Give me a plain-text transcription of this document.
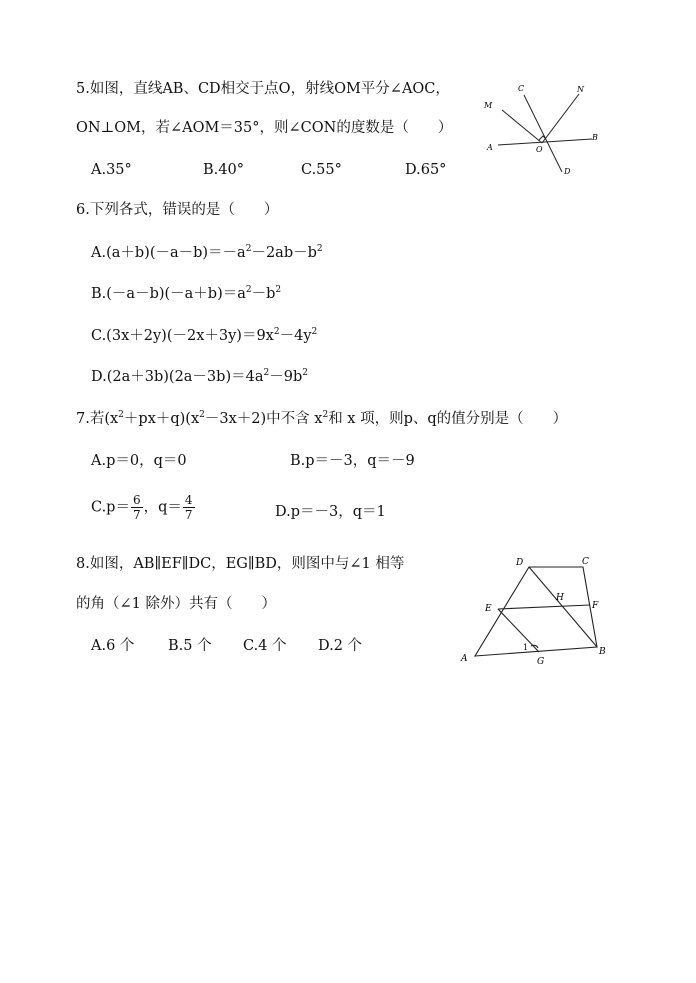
5.如图，直线AB、CD相交于点O，射线OM平分∠AOC，
ON⊥OM，若∠AOM＝35°，则∠CON的度数是（　　）
A.35°	B.40°	C.55°	D.65°
M
C	N
A	O
B
D
6.下列各式，错误的是（　　）
$A.(a+b)(-a-b)=-a^2-2ab-b^2$
$B.(-a-b)(-a+b)=a^2-b^2$
$C.(3x+2y)(-2x+3y)=9x^2-4y^2$
$D.(2a+3b)(2a-3b)=4a^2-9b^2$
7.若$(x^2+px+q)(x^2-3x+2)$中不含 $x^2$和 x 项，则p、q的值分别是（　　）
A.p＝0，q＝0	B.p＝－3，q＝－9
$C.p= \frac{6}{7}$ ，$q= \frac{4}{7}$	D.p＝－3，q＝1
8.如图，AB∥EF∥DC，EG∥BD，则图中与∠1 相等
的角（∠1 除外）共有（　　）
A.6 个 B.5 个 C.4 个 D.2 个
D	C
E
H
F
A
1
G
B
